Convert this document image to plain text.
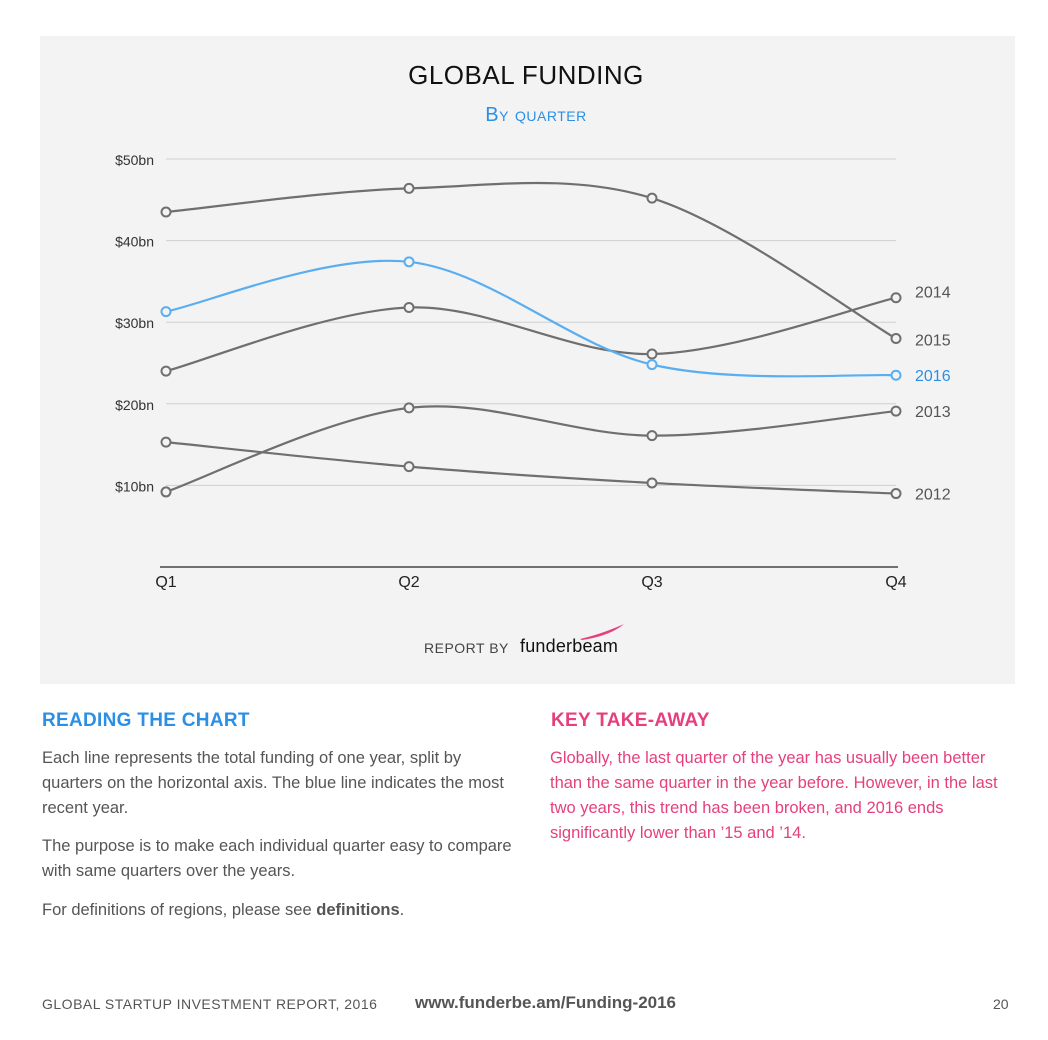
GLOBAL FUNDING
By quarter
$10bn
$20bn
$30bn
$40bn
$50bn
Q1	Q2	Q3	Q4
2014
2015
2016
2013
2012
REPORT BY funderbeam
READING THE CHART

Each line represents the total funding of one year, split by quarters on the horizontal axis. The blue line indicates the most recent year.

The purpose is to make each individual quarter easy to compare with same quarters over the years.

For definitions of regions, please see definitions.

KEY TAKE-AWAY

Globally, the last quarter of the year has usually been better than the same quarter in the year before. However, in the last two years, this trend has been broken, and 2016 ends significantly lower than ’15 and ’14.

GLOBAL STARTUP INVESTMENT REPORT, 2016 www.funderbe.am/Funding-2016	20
